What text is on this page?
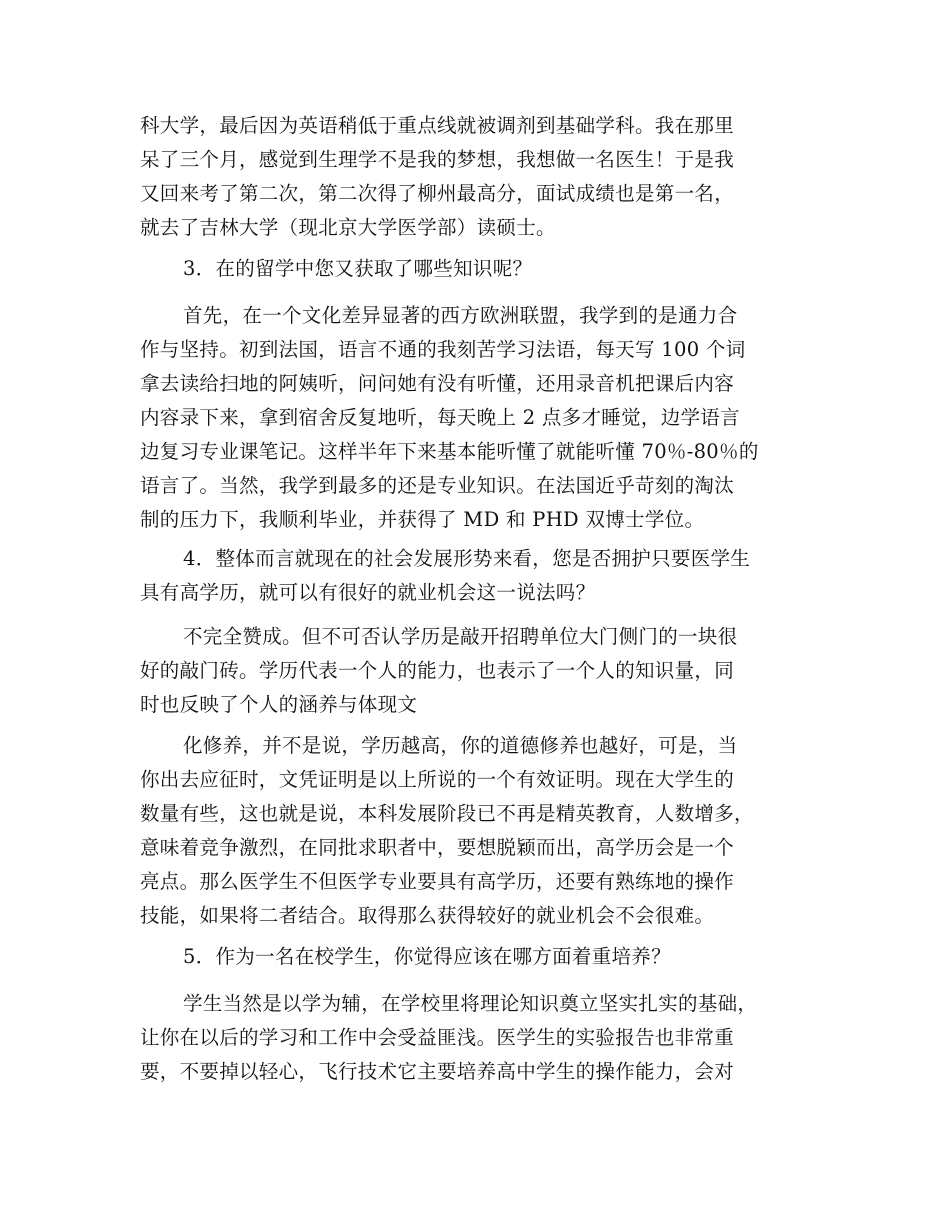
科大学，最后因为英语稍低于重点线就被调剂到基础学科。我在那里
呆了三个月，感觉到生理学不是我的梦想，我想做一名医生！于是我
又回来考了第二次，第二次得了柳州最高分，面试成绩也是第一名，
就去了吉林大学（现北京大学医学部）读硕士。
3．在的留学中您又获取了哪些知识呢？
首先，在一个文化差异显著的西方欧洲联盟，我学到的是通力合
作与坚持。初到法国，语言不通的我刻苦学习法语，每天写 100 个词
拿去读给扫地的阿姨听，问问她有没有听懂，还用录音机把课后内容
内容录下来，拿到宿舍反复地听，每天晚上 2 点多才睡觉，边学语言
边复习专业课笔记。这样半年下来基本能听懂了就能听懂 70％-80％的
语言了。当然，我学到最多的还是专业知识。在法国近乎苛刻的淘汰
制的压力下，我顺利毕业，并获得了 MD 和 PHD 双博士学位。
4．整体而言就现在的社会发展形势来看，您是否拥护只要医学生
具有高学历，就可以有很好的就业机会这一说法吗？
不完全赞成。但不可否认学历是敲开招聘单位大门侧门的一块很
好的敲门砖。学历代表一个人的能力，也表示了一个人的知识量，同
时也反映了个人的涵养与体现文
化修养，并不是说，学历越高，你的道德修养也越好，可是，当
你出去应征时，文凭证明是以上所说的一个有效证明。现在大学生的
数量有些，这也就是说，本科发展阶段已不再是精英教育，人数增多，
意味着竞争激烈，在同批求职者中，要想脱颖而出，高学历会是一个
亮点。那么医学生不但医学专业要具有高学历，还要有熟练地的操作
技能，如果将二者结合。取得那么获得较好的就业机会不会很难。
5．作为一名在校学生，你觉得应该在哪方面着重培养？
学生当然是以学为辅，在学校里将理论知识奠立坚实扎实的基础，
让你在以后的学习和工作中会受益匪浅。医学生的实验报告也非常重
要，不要掉以轻心，飞行技术它主要培养高中学生的操作能力，会对
